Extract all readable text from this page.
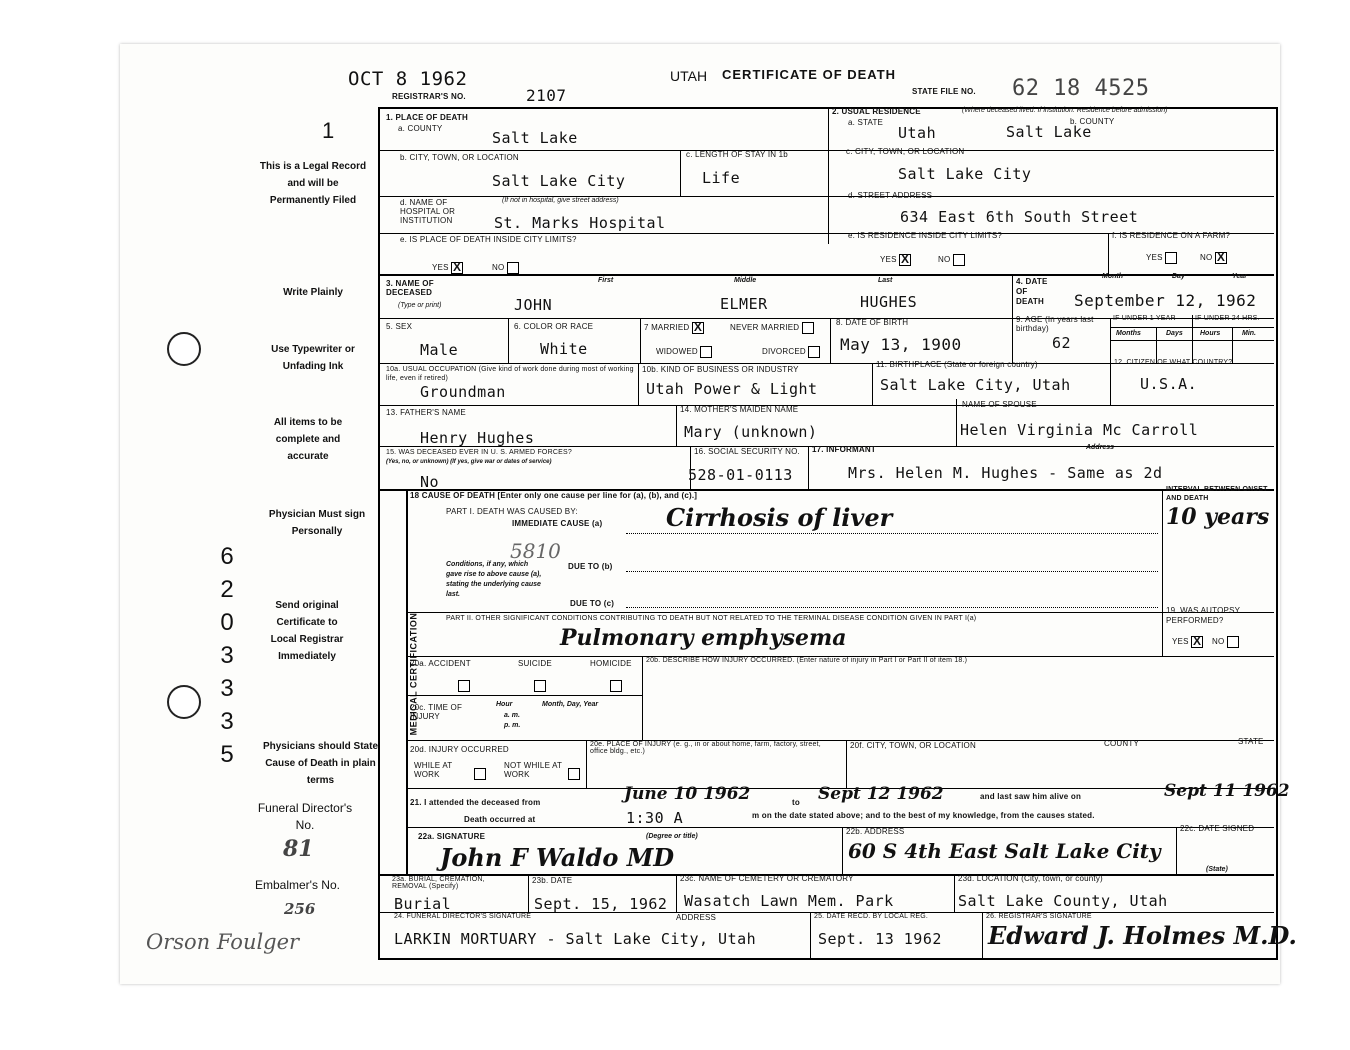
OCT 8 1962
REGISTRAR'S NO.	2107
UTAH CERTIFICATE OF DEATH
STATE FILE NO. 62 18 4525
1
This is a Legal Record and will be Permanently Filed
Write Plainly
Use Typewriter or Unfading Ink
All items to be complete and accurate
Physician Must sign Personally
Send original Certificate to Local Registrar Immediately
Physicians should State Cause of Death in plain terms
Funeral Director's No.
81
Embalmer's No.
256
Orson Foulger
6203335
1. PLACE OF DEATH
a. COUNTY
Salt Lake
2. USUAL RESIDENCE	(Where deceased lived. If institution: Residence before admission)
a. STATE	b. COUNTY
Utah	Salt Lake
b. CITY, TOWN, OR LOCATION
Salt Lake City
c. LENGTH OF STAY IN 1b
Life
c. CITY, TOWN, OR LOCATION
Salt Lake City
d. NAME OF HOSPITAL OR INSTITUTION
(If not in hospital, give street address)
St. Marks Hospital
d. STREET ADDRESS
634 East 6th South Street
e. IS PLACE OF DEATH INSIDE CITY LIMITS?
YES X	NO
e. IS RESIDENCE INSIDE CITY LIMITS?
YES X	NO
f. IS RESIDENCE ON A FARM?
YES	NO X
3. NAME OF DECEASED
(Type or print)
First	Middle	Last
JOHN	ELMER	HUGHES
4. DATE OF DEATH
Month	Day	Year
September 12, 1962
5. SEX
Male
6. COLOR OR RACE
White
7 MARRIED X	NEVER MARRIED
WIDOWED	DIVORCED
8. DATE OF BIRTH
May 13, 1900
9. AGE (In years last birthday)
62
IF UNDER 1 YEAR	IF UNDER 24 HRS.
Months	Days Hours	Min.
10a. USUAL OCCUPATION (Give kind of work done during most of working life, even if retired)
Groundman
10b. KIND OF BUSINESS OR INDUSTRY
Utah Power & Light
11. BIRTHPLACE (State or foreign country)
Salt Lake City, Utah
12. CITIZEN OF WHAT COUNTRY?
U.S.A.
13. FATHER'S NAME
Henry Hughes
14. MOTHER'S MAIDEN NAME
Mary (unknown)
NAME OF SPOUSE
Helen Virginia Mc Carroll
15. WAS DECEASED EVER IN U. S. ARMED FORCES?
(Yes, no, or unknown) (If yes, give war or dates of service)
No
16. SOCIAL SECURITY NO.
528-01-0113
17. INFORMANT	Address
Mrs. Helen M. Hughes - Same as 2d
MEDICAL CERTIFICATION
18 CAUSE OF DEATH [Enter only one cause per line for (a), (b), and (c).]
PART I. DEATH WAS CAUSED BY:
IMMEDIATE CAUSE (a)	Cirrhosis of liver
5810
INTERVAL BETWEEN ONSET AND DEATH
10 years
Conditions, if any, which gave rise to above cause (a), stating the underlying cause last.
DUE TO (b)
DUE TO (c)
PART II. OTHER SIGNIFICANT CONDITIONS CONTRIBUTING TO DEATH BUT NOT RELATED TO THE TERMINAL DISEASE CONDITION GIVEN IN PART I(a)
Pulmonary emphysema
19. WAS AUTOPSY PERFORMED?
YES X	NO
20a. ACCIDENT	SUICIDE	HOMICIDE 20b. DESCRIBE HOW INJURY OCCURRED. (Enter nature of injury in Part I or Part II of item 18.)
20c. TIME OF INJURY
Hour
a. m.
p. m.
Month, Day, Year
20d. INJURY OCCURRED
WHILE AT WORK
NOT WHILE AT WORK
20e. PLACE OF INJURY (e. g., in or about home, farm, factory, street, office bldg., etc.)
20f. CITY, TOWN, OR LOCATION	COUNTY	STATE
21. I attended the deceased from	June 10 1962	to Sept 12 1962	and last saw him alive on	Sept 11 1962
Death occurred at	1:30 A	m on the date stated above; and to the best of my knowledge, from the causes stated.
22a. SIGNATURE	(Degree or title)
John F Waldo MD
22b. ADDRESS
60 S 4th East Salt Lake City
22c. DATE SIGNED
23a. BURIAL, CREMATION, REMOVAL (Specify)
Burial
23b. DATE
Sept. 15, 1962
23c. NAME OF CEMETERY OR CREMATORY
Wasatch Lawn Mem. Park
23d. LOCATION (City, town, or county)
(State)
Salt Lake County, Utah
24. FUNERAL DIRECTOR'S SIGNATURE	ADDRESS
LARKIN MORTUARY - Salt Lake City, Utah
25. DATE RECD. BY LOCAL REG.
Sept. 13 1962
26. REGISTRAR'S SIGNATURE
Edward J. Holmes M.D.
